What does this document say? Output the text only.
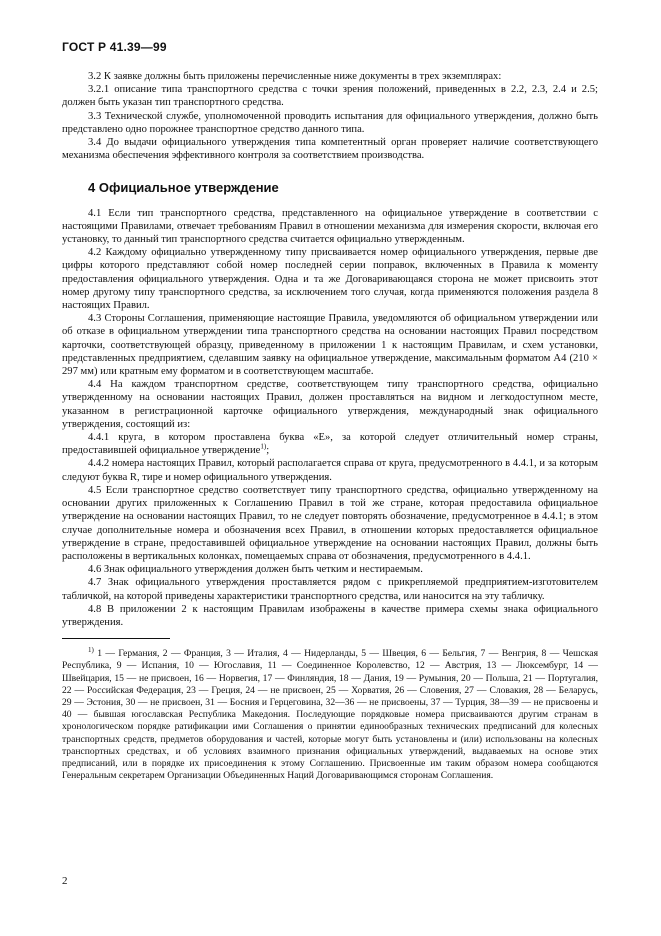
ГОСТ Р 41.39—99

3.2 К заявке должны быть приложены перечисленные ниже документы в трех экземплярах:

3.2.1 описание типа транспортного средства с точки зрения положений, приведенных в 2.2, 2.3, 2.4 и 2.5; должен быть указан тип транспортного средства.

3.3 Технической службе, уполномоченной проводить испытания для официального утверждения, должно быть представлено одно порожнее транспортное средство данного типа.

3.4 До выдачи официального утверждения типа компетентный орган проверяет наличие соответствующего механизма обеспечения эффективного контроля за соответствием производства.

4 Официальное утверждение

4.1 Если тип транспортного средства, представленного на официальное утверждение в соответствии с настоящими Правилами, отвечает требованиям Правил в отношении механизма для измерения скорости, включая его установку, то данный тип транспортного средства считается официально утвержденным.

4.2 Каждому официально утвержденному типу присваивается номер официального утверждения, первые две цифры которого представляют собой номер последней серии поправок, включенных в Правила к моменту предоставления официального утверждения. Одна и та же Договаривающаяся сторона не может присвоить этот номер другому типу транспортного средства, за исключением того случая, когда применяются положения раздела 8 настоящих Правил.

4.3 Стороны Соглашения, применяющие настоящие Правила, уведомляются об официальном утверждении или об отказе в официальном утверждении типа транспортного средства на основании настоящих Правил посредством карточки, соответствующей образцу, приведенному в приложении 1 к настоящим Правилам, и схем установки, представленных предприятием, сделавшим заявку на официальное утверждение, максимальным форматом А4 (210 × 297 мм) или кратным ему форматом и в соответствующем масштабе.

4.4 На каждом транспортном средстве, соответствующем типу транспортного средства, официально утвержденному на основании настоящих Правил, должен проставляться на видном и легкодоступном месте, указанном в регистрационной карточке официального утверждения, международный знак официального утверждения, состоящий из:

4.4.1 круга, в котором проставлена буква «Е», за которой следует отличительный номер страны, предоставившей официальное утверждение$^{1)}$;

4.4.2 номера настоящих Правил, который располагается справа от круга, предусмотренного в 4.4.1, и за которым следуют буква R, тире и номер официального утверждения.

4.5 Если транспортное средство соответствует типу транспортного средства, официально утвержденному на основании других приложенных к Соглашению Правил в той же стране, которая предоставила официальное утверждение на основании настоящих Правил, то не следует повторять обозначение, предусмотренное в 4.4.1; в этом случае дополнительные номера и обозначения всех Правил, в отношении которых предоставляется официальное утверждение в стране, предоставившей официальное утверждение на основании настоящих Правил, должны быть расположены в вертикальных колонках, помещаемых справа от обозначения, предусмотренного в 4.4.1.

4.6 Знак официального утверждения должен быть четким и нестираемым.

4.7 Знак официального утверждения проставляется рядом с прикрепляемой предприятием-изготовителем табличкой, на которой приведены характеристики транспортного средства, или наносится на эту табличку.

4.8 В приложении 2 к настоящим Правилам изображены в качестве примера схемы знака официального утверждения.

$^{1)}$ 1 — Германия, 2 — Франция, 3 — Италия, 4 — Нидерланды, 5 — Швеция, 6 — Бельгия, 7 — Венгрия, 8 — Чешская Республика, 9 — Испания, 10 — Югославия, 11 — Соединенное Королевство, 12 — Австрия, 13 — Люксембург, 14 — Швейцария, 15 — не присвоен, 16 — Норвегия, 17 — Финляндия, 18 — Дания, 19 — Румыния, 20 — Польша, 21 — Португалия, 22 — Российская Федерация, 23 — Греция, 24 — не присвоен, 25 — Хорватия, 26 — Словения, 27 — Словакия, 28 — Беларусь, 29 — Эстония, 30 — не присвоен, 31 — Босния и Герцеговина, 32—36 — не присвоены, 37 — Турция, 38—39 — не присвоены и 40 — бывшая югославская Республика Македония. Последующие порядковые номера присваиваются другим странам в хронологическом порядке ратификации ими Соглашения о принятии единообразных технических предписаний для колесных транспортных средств, предметов оборудования и частей, которые могут быть установлены и (или) использованы на колесных транспортных средствах, и об условиях взаимного признания официальных утверждений, выдаваемых на основе этих предписаний, или в порядке их присоединения к этому Соглашению. Присвоенные им таким образом номера сообщаются Генеральным секретарем Организации Объединенных Наций Договаривающимся сторонам Соглашения.

2
